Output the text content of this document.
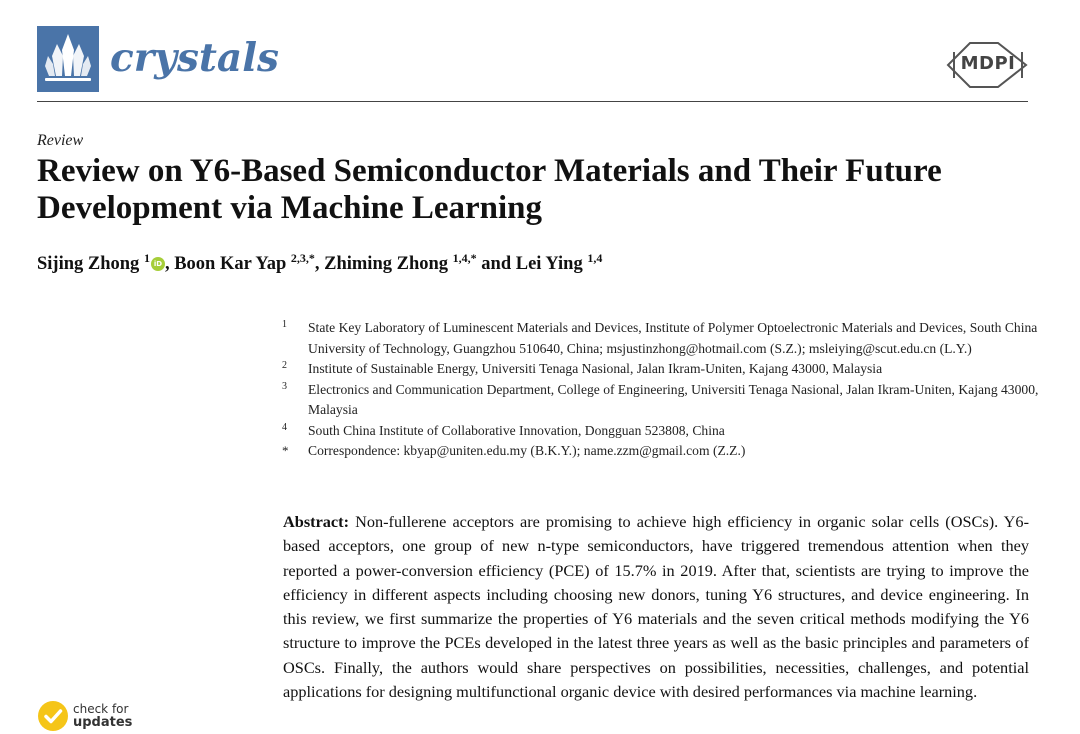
crystals	MDPI
Review
Review on Y6-Based Semiconductor Materials and Their Future Development via Machine Learning
Sijing Zhong $^1$ iD , Boon Kar Yap $^{2,3,*}$, Zhiming Zhong $^{1,4,*}$ and Lei Ying $^{1,4}$
1 State Key Laboratory of Luminescent Materials and Devices, Institute of Polymer Optoelectronic Materials and Devices, South China University of Technology, Guangzhou 510640, China; msjustinzhong@hotmail.com (S.Z.); msleiying@scut.edu.cn (L.Y.)
2 Institute of Sustainable Energy, Universiti Tenaga Nasional, Jalan Ikram-Uniten, Kajang 43000, Malaysia
3 Electronics and Communication Department, College of Engineering, Universiti Tenaga Nasional, Jalan Ikram-Uniten, Kajang 43000, Malaysia
4 South China Institute of Collaborative Innovation, Dongguan 523808, China
* Correspondence: kbyap@uniten.edu.my (B.K.Y.); name.zzm@gmail.com (Z.Z.)
Abstract: Non-fullerene acceptors are promising to achieve high efficiency in organic solar cells (OSCs). Y6-based acceptors, one group of new n-type semiconductors, have triggered tremendous attention when they reported a power-conversion efficiency (PCE) of 15.7% in 2019. After that, scientists are trying to improve the efficiency in different aspects including choosing new donors, tuning Y6 structures, and device engineering. In this review, we first summarize the properties of Y6 materials and the seven critical methods modifying the Y6 structure to improve the PCEs developed in the latest three years as well as the basic principles and parameters of OSCs. Finally, the authors would share perspectives on possibilities, necessities, challenges, and potential applications for designing multifunctional organic device with desired performances via machine learning.
check for
updates
